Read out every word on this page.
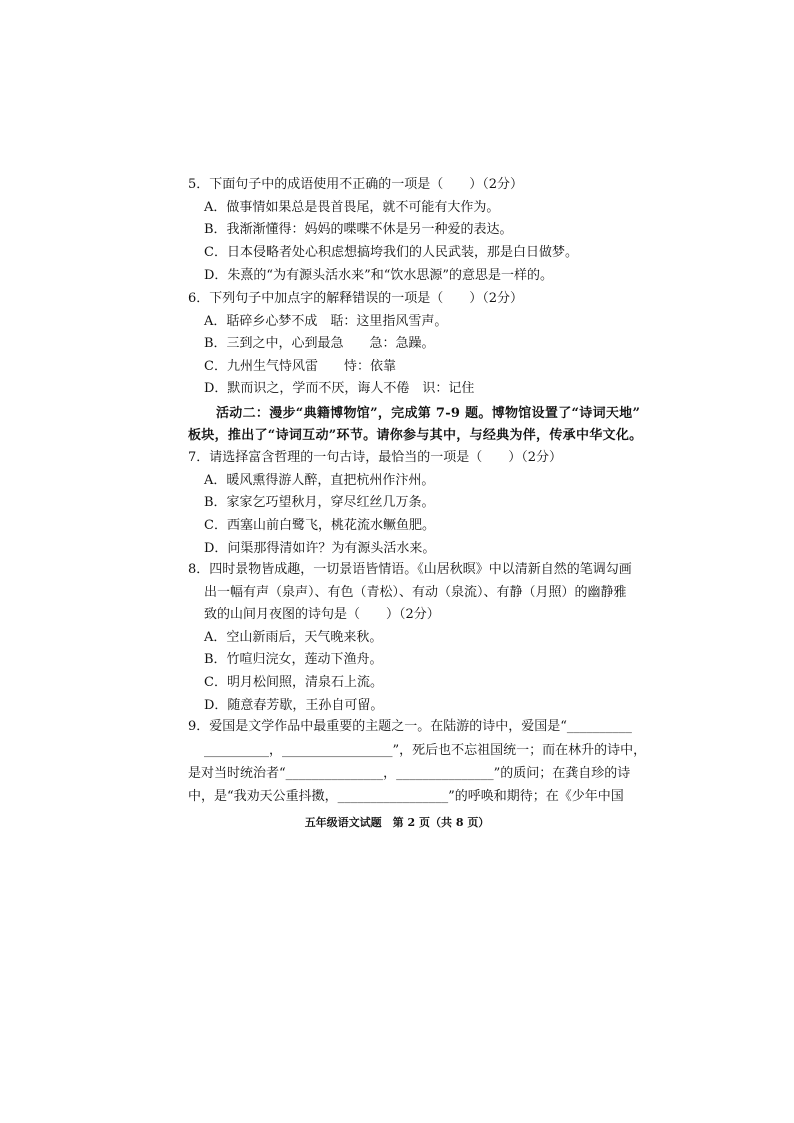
5．下面句子中的成语使用不正确的一项是（　　）（2分）
A．做事情如果总是畏首畏尾，就不可能有大作为。
B．我渐渐懂得：妈妈的喋喋不休是另一种爱的表达。
C．日本侵略者处心积虑想搞垮我们的人民武装，那是白日做梦。
D．朱熹的“为有源头活水来”和“饮水思源”的意思是一样的。
6．下列句子中加点字的解释错误的一项是（　　）（2分）
A．聒碎乡心梦不成　聒：这里指风雪声。
B．三到之中，心到最急　　急：急躁。
C．九州生气恃风雷　　恃：依靠
D．默而识之，学而不厌，诲人不倦　识：记住
活动二：漫步“典籍博物馆”，完成第 7-9 题。博物馆设置了“诗词天地”
板块，推出了“诗词互动”环节。请你参与其中，与经典为伴，传承中华文化。
7．请选择富含哲理的一句古诗，最恰当的一项是（　　）（2分）
A．暖风熏得游人醉，直把杭州作汴州。
B．家家乞巧望秋月，穿尽红丝几万条。
C．西塞山前白鹭飞，桃花流水鳜鱼肥。
D．问渠那得清如许？为有源头活水来。
8．四时景物皆成趣，一切景语皆情语。《山居秋暝》中以清新自然的笔调勾画
出一幅有声（泉声）、有色（青松）、有动（泉流）、有静（月照）的幽静雅
致的山间月夜图的诗句是（　　）（2分）
A．空山新雨后，天气晚来秋。
B．竹喧归浣女，莲动下渔舟。
C．明月松间照，清泉石上流。
D．随意春芳歇，王孙自可留。
9．爱国是文学作品中最重要的主题之一。在陆游的诗中，爱国是“__________
__________，_________________”，死后也不忘祖国统一；而在林升的诗中，
是对当时统治者“_______________，_______________”的质问；在龚自珍的诗
中，是“我劝天公重抖擞，_________________”的呼唤和期待；在《少年中国
五年级语文试题　第 2 页（共 8 页）
